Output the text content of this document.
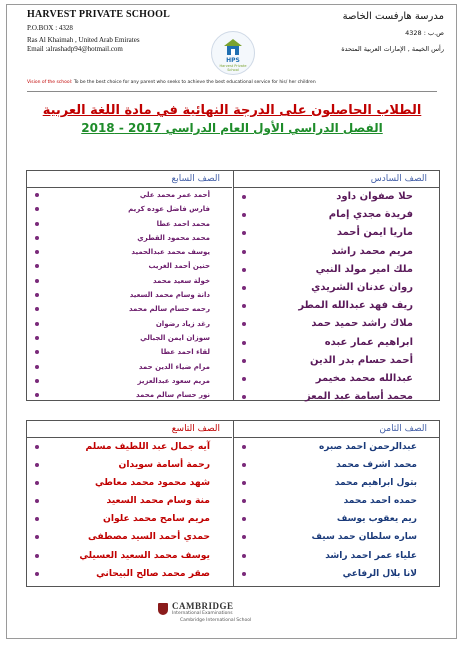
HARVEST PRIVATE SCHOOL
P.O.BOX : 4328
Ras Al Khaimah , United Arab Emirates
Email :alrashadp94@hotmail.com
HPS
Harvest Private School
مدرسة هارفست الخاصة
ص.ب : 4328
رأس الخيمة , الإمارات العربية المتحدة
Vision of the school: To be the best choice for any parent who seeks to achieve the best educational service for his/ her children
الطلاب الحاصلون على الدرجة النهائية في مادة اللغة العربية
الفصل الدراسي الأول العام الدراسي 2017 - 2018
الصف السادس
حلا صفوان داود
فريدة مجدي إمام
ماريا ايمن أحمد
مريم محمد راشد
ملك امير مولد النبي
روان عدنان الشريدي
ريف فهد عبدالله المطر
ملاك راشد حميد حمد
ابراهيم عمار عبده
أحمد حسام بدر الدين
عبدالله محمد مخيمر
محمد أسامة عبد المعز
الصف السابع
أحمد عمر محمد علي
فارس فاضل عوده كريم
محمد احمد عطا
محمد محمود القطري
يوسف محمد عبدالحميد
حنين أحمد الغريب
خولة سعيد محمد
دانة وسام محمد السعيد
رحمه حسام سالم محمد
رغد زياد رضوان
سوزان ايمن الجبالي
لقاء احمد عطا
مرام ضياء الدين حمد
مريم سعود عبدالعزيز
نور حسام سالم محمد
الصف الثامن
عبدالرحمن احمد صبره
محمد اشرف محمد
بتول ابراهيم محمد
حمده احمد محمد
ريم يعقوب يوسف
ساره سلطان حمد سيف
علياء عمر احمد راشد
لانا بلال الرفاعي
الصف التاسع
آيه جمال عبد اللطيف مسلم
رحمة أسامة سويدان
شهد محمود محمد معاطي
منة وسام محمد السعيد
مريم سامح محمد علوان
حمدي أحمد السيد مصطفى
يوسف محمد السعيد العسيلي
صقر محمد صالح البيحاني
CAMBRIDGE
International Examinations
Cambridge International School
